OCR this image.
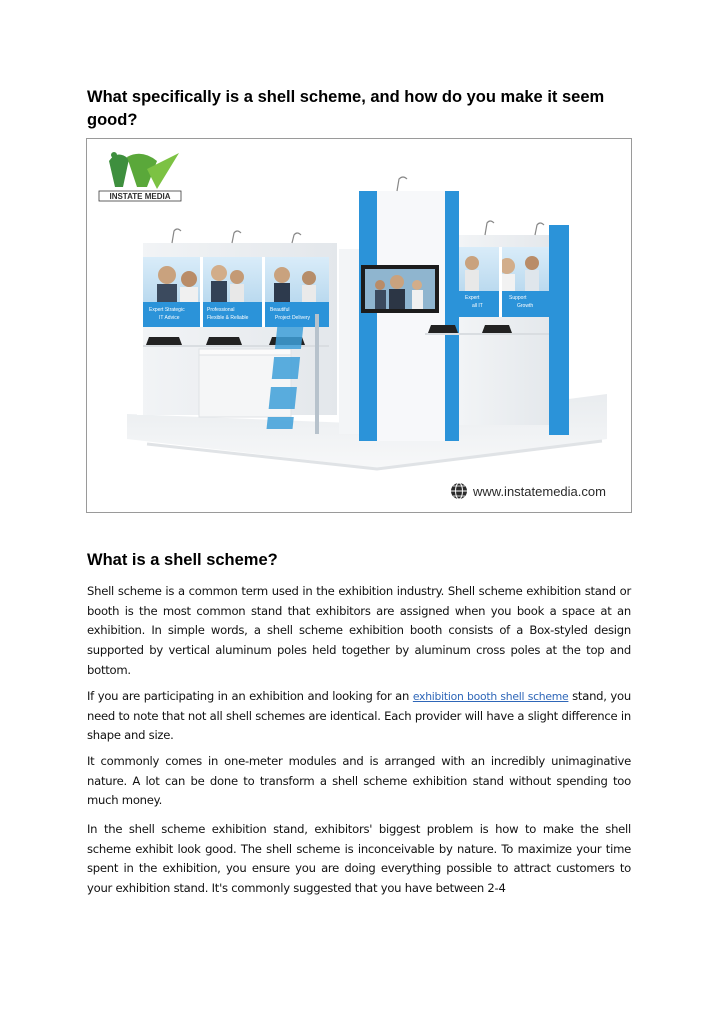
What specifically is a shell scheme, and how do you make it seem good?
INSTATE MEDIA
Expert Strategic
IT Advice
Professional
Flexible & Reliable
Beautiful
Project Delivery
Expert
all IT
Support
Growth
www.instatemedia.com
What is a shell scheme?

Shell scheme is a common term used in the exhibition industry. Shell scheme exhibition stand or booth is the most common stand that exhibitors are assigned when you book a space at an exhibition. In simple words, a shell scheme exhibition booth consists of a Box-styled design supported by vertical aluminum poles held together by aluminum cross poles at the top and bottom.

If you are participating in an exhibition and looking for an exhibition booth shell scheme stand, you need to note that not all shell schemes are identical. Each provider will have a slight difference in shape and size.

It commonly comes in one-meter modules and is arranged with an incredibly unimaginative nature. A lot can be done to transform a shell scheme exhibition stand without spending too much money.

In the shell scheme exhibition stand, exhibitors' biggest problem is how to make the shell scheme exhibit look good. The shell scheme is inconceivable by nature. To maximize your time spent in the exhibition, you ensure you are doing everything possible to attract customers to your exhibition stand. It's commonly suggested that you have between 2-4
